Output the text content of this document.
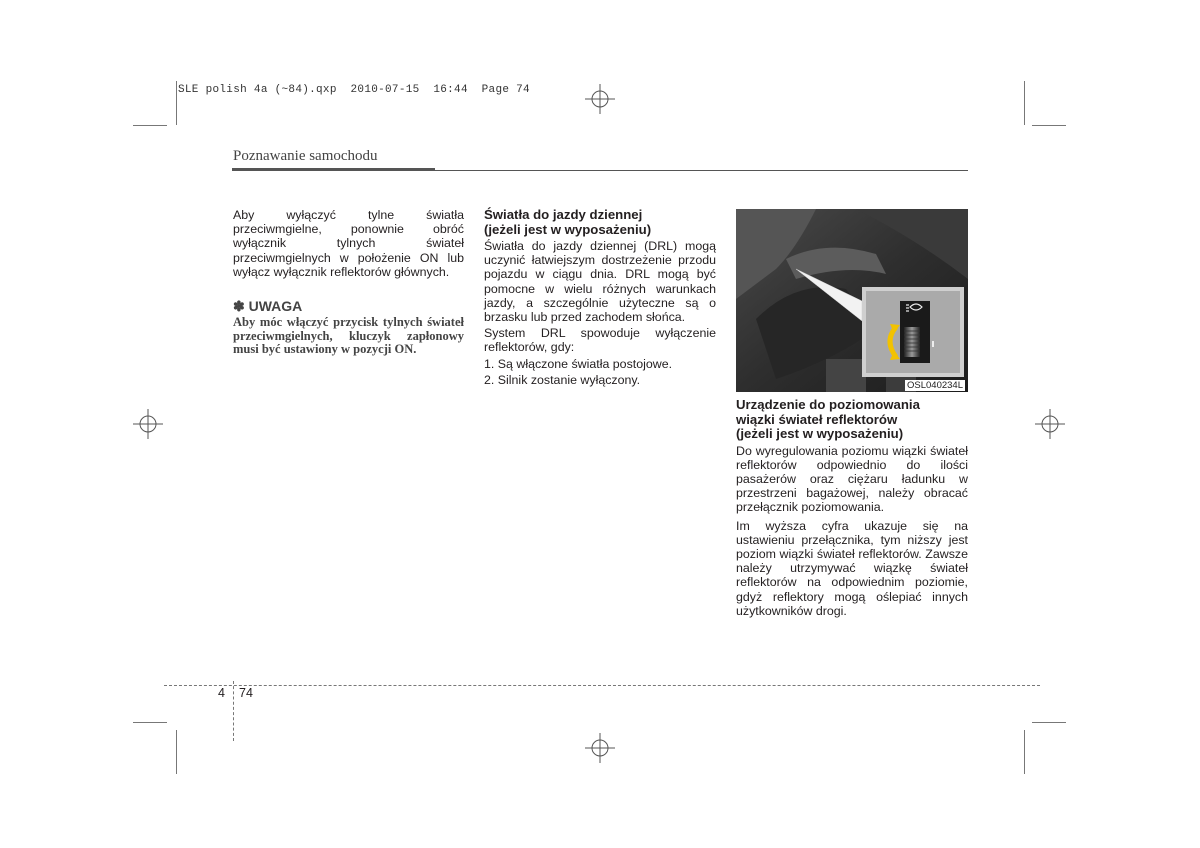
SLE polish 4a (~84).qxp  2010-07-15  16:44  Page 74
Poznawanie samochodu

Aby wyłączyć tylne światła przeciwmgielne, ponownie obróć wyłącznik tylnych świateł przeciwmgielnych w położenie ON lub wyłącz wyłącznik reflektorów głównych.

✽ UWAGA

Aby móc włączyć przycisk tylnych świateł przeciwmgielnych, kluczyk zapłonowy musi być ustawiony w pozycji ON.

Światła do jazdy dziennej
(jeżeli jest w wyposażeniu)

Światła do jazdy dziennej (DRL) mogą uczynić łatwiejszym dostrzeżenie przodu pojazdu w ciągu dnia. DRL mogą być pomocne w wielu różnych warunkach jazdy, a szczególnie użyteczne są o brzasku lub przed zachodem słońca.

System DRL spowoduje wyłączenie reflektorów, gdy:

1. Są włączone światła postojowe.

2. Silnik zostanie wyłączony.	OSL040234L
Urządzenie do poziomowania
wiązki świateł reflektorów
(jeżeli jest w wyposażeniu)

Do wyregulowania poziomu wiązki świateł reflektorów odpowiednio do ilości pasażerów oraz ciężaru ładunku w przestrzeni bagażowej, należy obracać przełącznik poziomowania.

Im wyższa cyfra ukazuje się na ustawieniu przełącznika, tym niższy jest poziom wiązki świateł reflektorów. Zawsze należy utrzymywać wiązkę świateł reflektorów na odpowiednim poziomie, gdyż reflektory mogą oślepiać innych użytkowników drogi.

4 74
